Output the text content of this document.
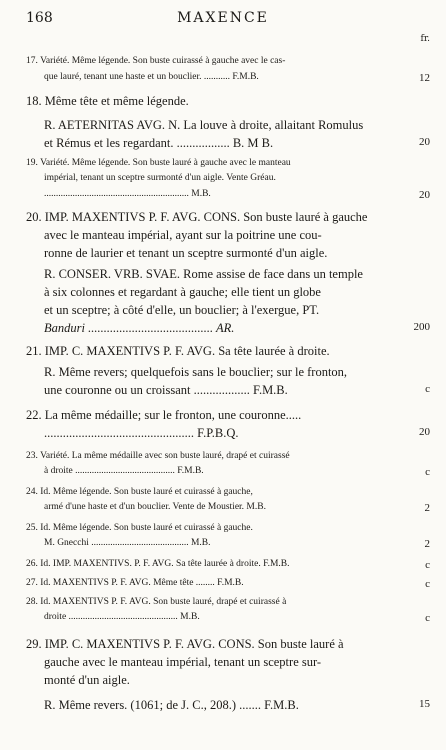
168	MAXENCE
fr.
17. Variété. Même légende. Son buste cuirassé à gauche avec le cas-
que lauré, tenant une haste et un bouclier. ........... F.M.B.	12
18. Même tête et même légende.
R. AETERNITAS AVG. N. La louve à droite, allaitant Romulus
et Rémus et les regardant. ................. B. M B.	20
19. Variété. Même légende. Son buste lauré à gauche avec le manteau
impérial, tenant un sceptre surmonté d'un aigle. Vente Gréau.
............................................................. M.B.	20
20. IMP. MAXENTIVS P. F. AVG. CONS. Son buste lauré à gauche
avec le manteau impérial, ayant sur la poitrine une cou-
ronne de laurier et tenant un sceptre surmonté d'un aigle.
R. CONSER. VRB. SVAE. Rome assise de face dans un temple
à six colonnes et regardant à gauche; elle tient un globe
et un sceptre; à côté d'elle, un bouclier; à l'exergue, PT.
Banduri ........................................ AR.	200
21. IMP. C. MAXENTIVS P. F. AVG. Sa tête laurée à droite.
R. Même revers; quelquefois sans le bouclier; sur le fronton,
une couronne ou un croissant .................. F.M.B.	c
22. La même médaille; sur le fronton, une couronne.....
................................................ F.P.B.Q.	20
23. Variété. La même médaille avec son buste lauré, drapé et cuirassé
à droite .......................................... F.M.B.	c
24. Id. Même légende. Son buste lauré et cuirassé à gauche,
armé d'une haste et d'un bouclier. Vente de Moustier. M.B.	2
25. Id. Même légende. Son buste lauré et cuirassé à gauche.
M. Gnecchi ......................................... M.B.	2
26. Id. IMP. MAXENTIVS. P. F. AVG. Sa tête laurée à droite. F.M.B.	c
27. Id. MAXENTIVS P. F. AVG. Même tête ........ F.M.B.	c
28. Id. MAXENTIVS P. F. AVG. Son buste lauré, drapé et cuirassé à
droite .............................................. M.B.	c
29. IMP. C. MAXENTIVS P. F. AVG. CONS. Son buste lauré à
gauche avec le manteau impérial, tenant un sceptre sur-
monté d'un aigle.
R. Même revers. (1061; de J. C., 208.) ....... F.M.B.	15
